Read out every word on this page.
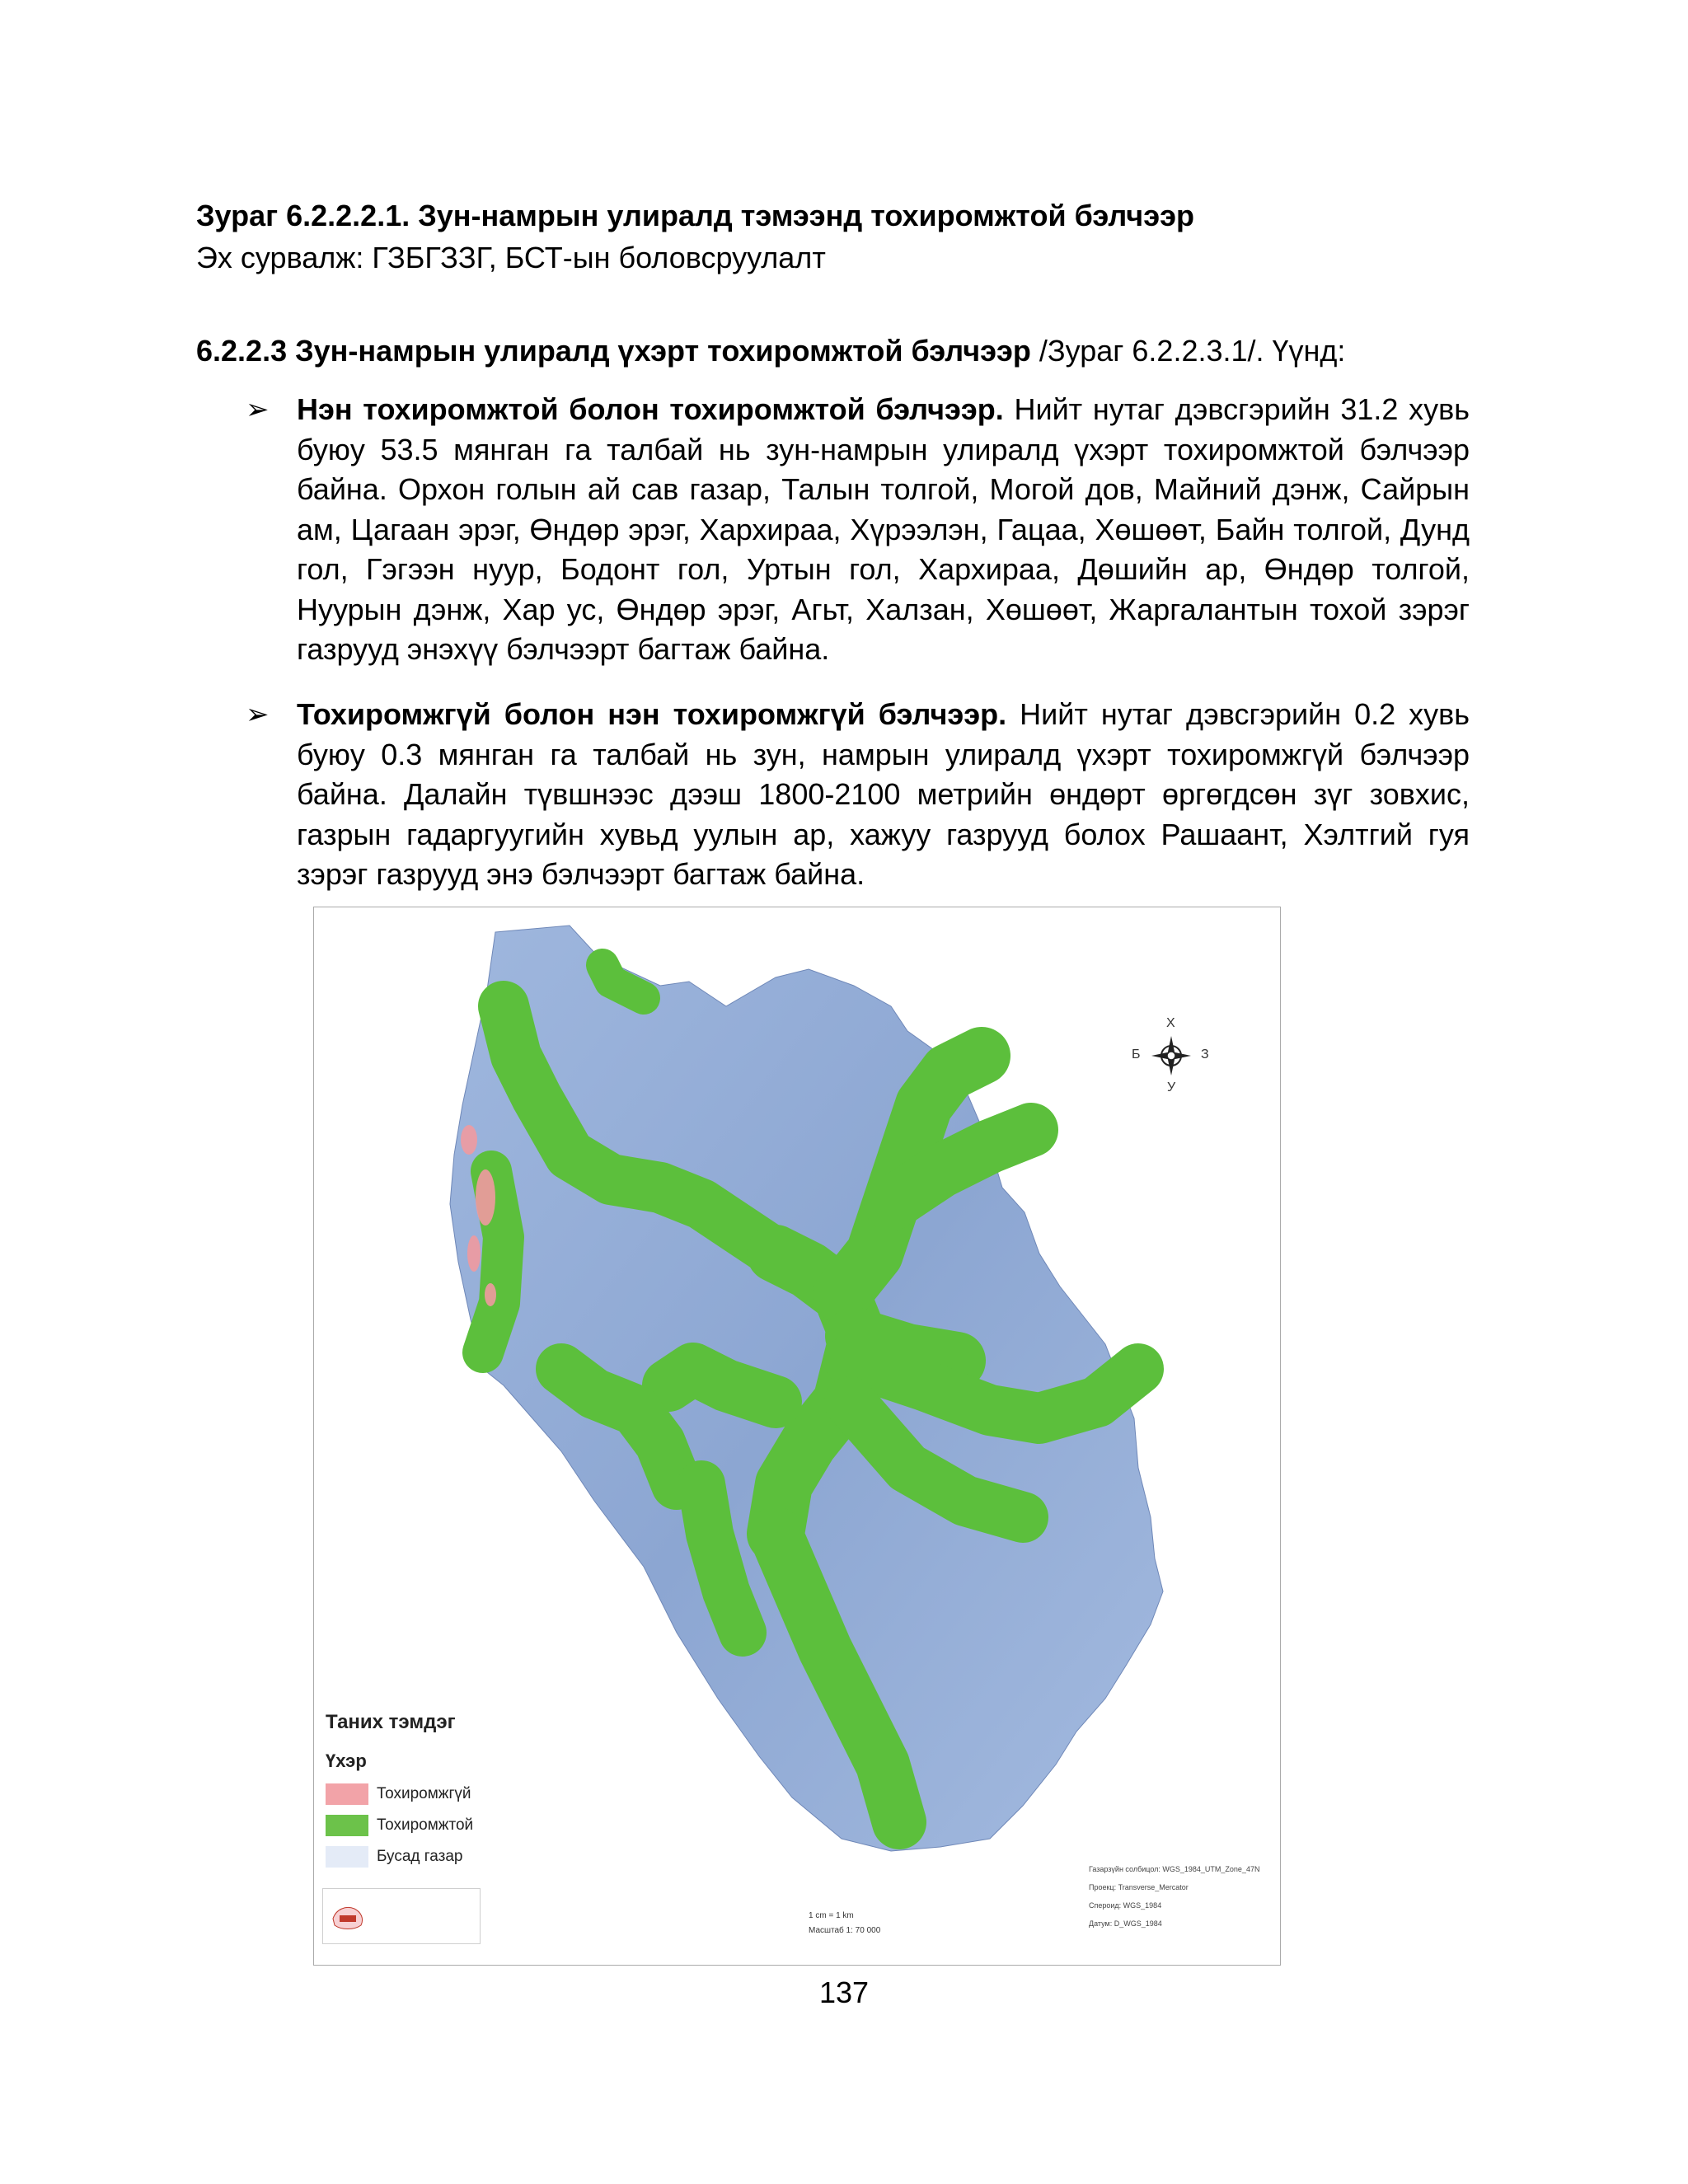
Зураг 6.2.2.2.1. Зун-намрын улиралд тэмээнд тохиромжтой бэлчээр
Эх сурвалж: ГЗБГЗЗГ, БСТ-ын боловсруулалт
6.2.2.3 Зун-намрын улиралд үхэрт тохиромжтой бэлчээр /Зураг 6.2.2.3.1/. Үүнд:
➢ Нэн тохиромжтой болон тохиромжтой бэлчээр. Нийт нутаг дэвсгэрийн 31.2 хувь буюу 53.5 мянган га талбай нь зун-намрын улиралд үхэрт тохиромжтой бэлчээр байна. Орхон голын ай сав газар, Талын толгой, Могой дов, Майний дэнж, Сайрын ам, Цагаан эрэг, Өндөр эрэг, Хархираа, Хүрээлэн, Гацаа, Хөшөөт, Байн толгой, Дунд гол, Гэгээн нуур, Бодонт гол, Уртын гол, Хархираа, Дөшийн ар, Өндөр толгой, Нуурын дэнж, Хар ус, Өндөр эрэг, Агьт, Халзан, Хөшөөт, Жаргалантын тохой зэрэг газрууд энэхүү бэлчээрт багтаж байна.
➢ Тохиромжгүй болон нэн тохиромжгүй бэлчээр. Нийт нутаг дэвсгэрийн 0.2 хувь буюу 0.3 мянган га талбай нь зун, намрын улиралд үхэрт тохиромжгүй бэлчээр байна. Далайн түвшнээс дээш 1800-2100 метрийн өндөрт өргөгдсөн зүг зовхис, газрын гадаргуугийн хувьд уулын ар, хажуу газрууд болох Рашаант, Хэлтгий гуя зэрэг газрууд энэ бэлчээрт багтаж байна.
Х
У
Б	З
Таних тэмдэг
Үхэр
Тохиромжгүй
Тохиромжтой
Бусад газар
1 cm = 1 km
Масштаб 1: 70 000
Газарзүйн солбицол: WGS_1984_UTM_Zone_47N
Проекц: Transverse_Mercator
Спероид: WGS_1984
Датум: D_WGS_1984
137
